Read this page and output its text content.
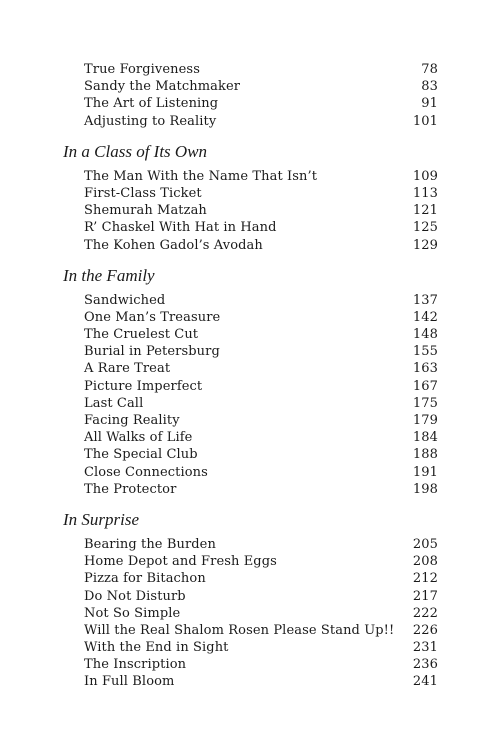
True Forgiveness	78
Sandy the Matchmaker	83
The Art of Listening	91
Adjusting to Reality	101
In a Class of Its Own
The Man With the Name That Isn’t	109
First-Class Ticket	113
Shemurah Matzah	121
R’ Chaskel With Hat in Hand	125
The Kohen Gadol’s Avodah	129
In the Family
Sandwiched	137
One Man’s Treasure	142
The Cruelest Cut	148
Burial in Petersburg	155
A Rare Treat	163
Picture Imperfect	167
Last Call	175
Facing Reality	179
All Walks of Life	184
The Special Club	188
Close Connections	191
The Protector	198
In Surprise
Bearing the Burden	205
Home Depot and Fresh Eggs	208
Pizza for Bitachon	212
Do Not Disturb	217
Not So Simple	222
Will the Real Shalom Rosen Please Stand Up!! 226
With the End in Sight	231
The Inscription	236
In Full Bloom	241
